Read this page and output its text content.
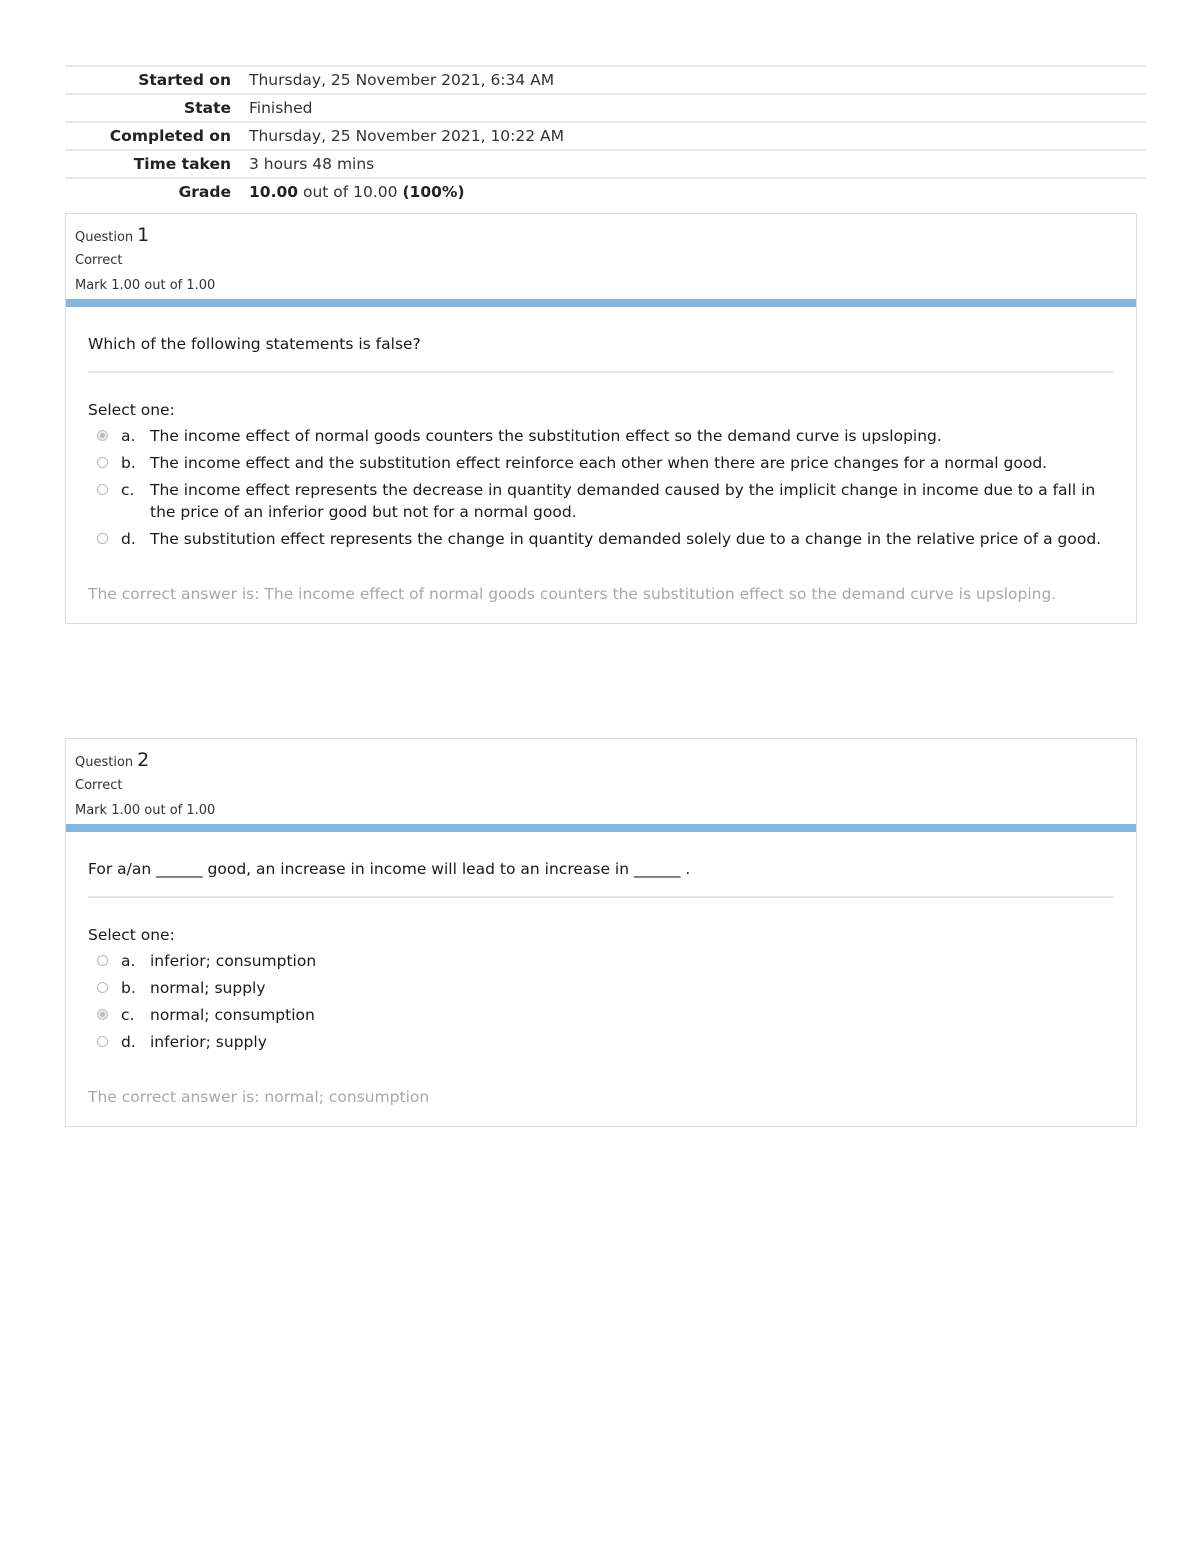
Started on	Thursday, 25 November 2021, 6:34 AM
State	Finished
Completed on	Thursday, 25 November 2021, 10:22 AM
Time taken	3 hours 48 mins
Grade	10.00 out of 10.00 (100%)
Question 1
Correct
Mark 1.00 out of 1.00
Which of the following statements is false?
Select one:
a. The income effect of normal goods counters the substitution effect so the demand curve is upsloping.
b. The income effect and the substitution effect reinforce each other when there are price changes for a normal good.
c.	The income effect represents the decrease in quantity demanded caused by the implicit change in income due to a fall in the price of an inferior good but not for a normal good.
d. The substitution effect represents the change in quantity demanded solely due to a change in the relative price of a good.
The correct answer is: The income effect of normal goods counters the substitution effect so the demand curve is upsloping.
Question 2
Correct
Mark 1.00 out of 1.00
For a/an ______ good, an increase in income will lead to an increase in ______ .
Select one:
a. inferior; consumption
b. normal; supply
c.	normal; consumption
d. inferior; supply
The correct answer is: normal; consumption
